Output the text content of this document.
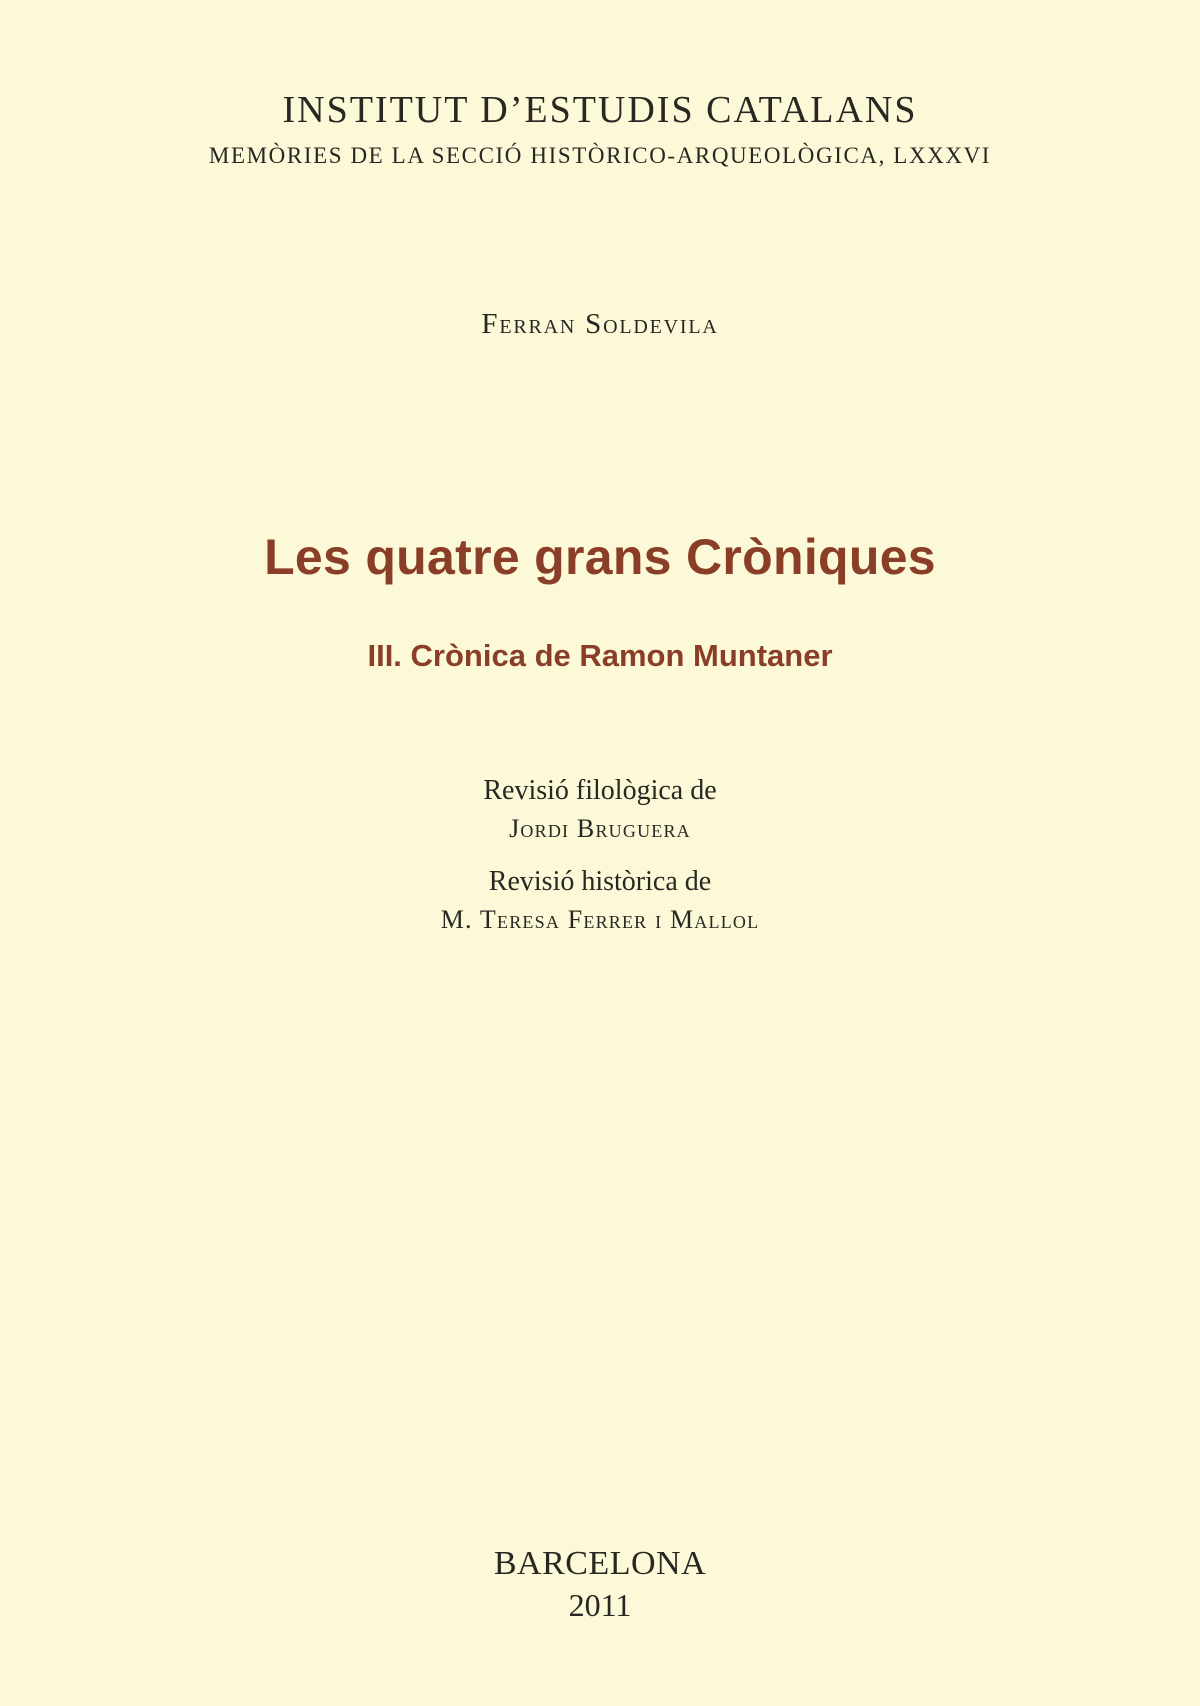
INSTITUT D’ESTUDIS CATALANS
MEMÒRIES DE LA SECCIÓ HISTÒRICO-ARQUEOLÒGICA, LXXXVI
Ferran Soldevila
Les quatre grans Cròniques
III. Crònica de Ramon Muntaner
Revisió filològica de
Jordi Bruguera
Revisió històrica de
M. Teresa Ferrer i Mallol
BARCELONA
2011
